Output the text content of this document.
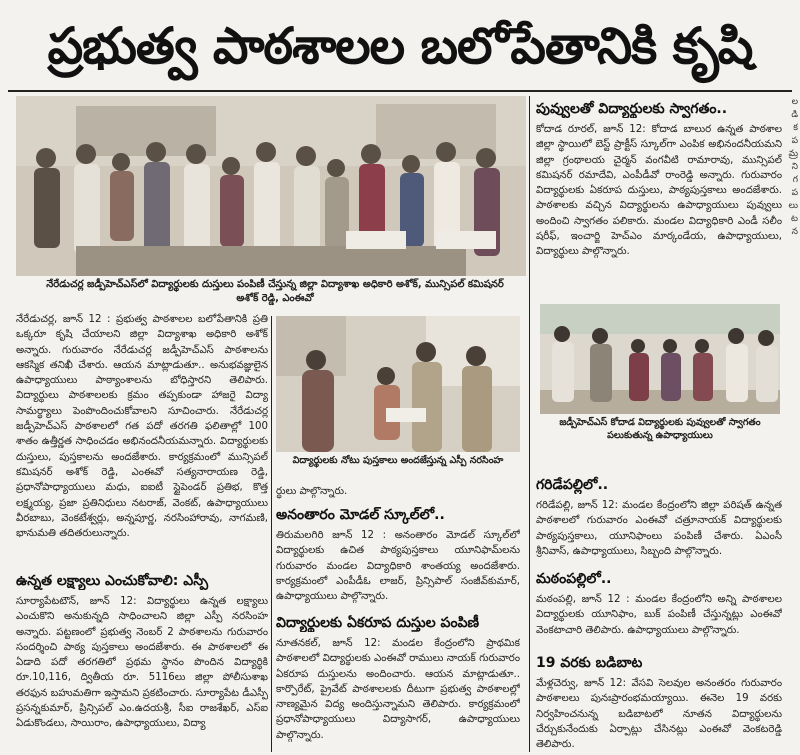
ప్రభుత్వ పాఠశాలల బలోపేతానికి కృషి
నేరేడుచర్ల జడ్పీహెచ్‌ఎస్‌లో విద్యార్థులకు దుస్తులు పంపిణీ చేస్తున్న జిల్లా విద్యాశాఖ అధికారి అశోక్, మున్సిపల్ కమిషనర్ అశోక్ రెడ్డి, ఎంఈవో
నేరేడుచర్ల, జూన్ 12 : ప్రభుత్వ పాఠశాలల బలోపేతానికి ప్రతి ఒక్కరూ కృషి చేయాలని జిల్లా విద్యాశాఖ అధికారి అశోక్ అన్నారు. గురువారం నేరేడుచర్ల జడ్పీహెచ్‌ఎస్ పాఠశాలను ఆకస్మిక తనిఖీ చేశారు. ఆయన మాట్లాడుతూ.. అనుభవజ్ఞులైన ఉపాధ్యాయులు పాఠ్యాంశాలను బోధిస్తారని తెలిపారు. విద్యార్థులు పాఠశాలలకు క్రమం తప్పకుండా హాజరై విద్యా సామర్థ్యాలు పెంపొందించుకోవాలని సూచించారు. నేరేడుచర్ల జడ్పీహెచ్‌ఎస్ పాఠశాలలో గత పదో తరగతి ఫలితాల్లో 100 శాతం ఉత్తీర్ణత సాధించడం అభినందనీయమన్నారు. విద్యార్థులకు దుస్తులు, పుస్తకాలను అందజేశారు. కార్యక్రమంలో మున్సిపల్ కమిషనర్ అశోక్ రెడ్డి, ఎంఈవో సత్యనారాయణ రెడ్డి, ప్రధానోపాధ్యాయులు మధు, ఐఐటీ స్టైపెండర్ ప్రతిభ, కొత్త లక్ష్మయ్య, ప్రజా ప్రతినిధులు నటరాజ్, వెంకట్, ఉపాధ్యాయులు వీరబాబు, వెంకటేశ్వర్లు, అన్నపూర్ణ, నరసింహారావు, నాగమణి, భానుమతి తదితరులున్నారు.
ఉన్నత లక్ష్యాలు ఎంచుకోవాలి: ఎస్పీ
సూర్యాపేటటౌన్, జూన్ 12: విద్యార్థులు ఉన్నత లక్ష్యాలు ఎంచుకొని అనుకున్నది సాధించాలని జిల్లా ఎస్పీ నరసింహ అన్నారు. పట్టణంలో ప్రభుత్వ నెంబర్ 2 పాఠశాలను గురువారం సందర్శించి పాఠ్య పుస్తకాలు అందజేశారు. ఈ పాఠశాలలో ఈ ఏడాది పదో తరగతిలో ప్రథమ స్థానం పొందిన విద్యార్థికి రూ.10,116, ద్వితీయ రూ. 5116లు జిల్లా పోలీసుశాఖ తరఫున బహుమతిగా ఇస్తామని ప్రకటించారు. సూర్యాపేట డీఎస్పీ ప్రసన్నకుమార్, ప్రిన్సిపల్ ఎం.ఉదయశ్రీ, సీఐ రాజశేఖర్, ఎస్‌ఐ ఏడుకొండలు, సాయిరాం, ఉపాధ్యాయులు, విద్యా
విద్యార్థులకు నోటు పుస్తకాలు అందజేస్తున్న ఎస్పీ నరసింహ
ర్థులు పాల్గొన్నారు.
అనంతారం మోడల్ స్కూల్‌లో..
తిరుమలగిరి జూన్ 12 : అనంతారం మోడల్ స్కూల్‌లో విద్యార్థులకు ఉచిత పాఠ్యపుస్తకాలు యూనిఫామ్‌లను గురువారం మండల విద్యాధికారి శాంతయ్య అందజేశారు. కార్యక్రమంలో ఎంపీడీఓ లాజర్, ప్రిన్సిపాల్ సంజీవ్‌కుమార్, ఉపాధ్యాయులు పాల్గొన్నారు.
విద్యార్థులకు ఏకరూప దుస్తుల పంపిణీ
నూతనకల్, జూన్ 12: మండల కేంద్రంలోని ప్రాథమిక పాఠశాలలో విద్యార్థులకు ఎంఈవో రాములు నాయక్ గురువారం ఏకరూప దుస్తులను అందించారు. ఆయన మాట్లాడుతూ.. కార్పొరేట్, ప్రైవేట్ పాఠశాలలకు దీటుగా ప్రభుత్వ పాఠశాలల్లో నాణ్యమైన విద్య అందిస్తున్నామని తెలిపారు. కార్యక్రమంలో ప్రధానోపాధ్యాయులు విద్యాసాగర్, ఉపాధ్యాయులు పాల్గొన్నారు.
పువ్వులతో విద్యార్థులకు స్వాగతం..
కోదాడ రూరల్, జూన్ 12: కోదాడ బాలుర ఉన్నత పాఠశాల జిల్లా స్థాయిలో బెస్ట్ ప్రాక్టీస్ స్కూల్‌గా ఎంపిక అభినందనీయమని జిల్లా గ్రంథాలయ చైర్మన్ వంగవీటి రామారావు, మున్సిపల్ కమిషనర్ రమాదేవి, ఎంపీడీవో రాంరెడ్డి అన్నారు. గురువారం విద్యార్థులకు ఏకరూప దుస్తులు, పాఠ్యపుస్తకాలు అందజేశారు. పాఠశాలకు వచ్చిన విద్యార్థులను ఉపాధ్యాయులు పువ్వులు అందించి స్వాగతం పలికారు. మండల విద్యాధికారి ఎండీ సలీం షరీఫ్, ఇంచార్జి హెచ్ఎం మార్కండేయ, ఉపాధ్యాయులు, విద్యార్థులు పాల్గొన్నారు.
జడ్పీహెచ్‌ఎస్ కోదాడ విద్యార్థులకు పువ్వులతో స్వాగతం పలుకుతున్న ఉపాధ్యాయులు
గరిడేపల్లిలో..
గరిడేపల్లి, జూన్ 12: మండల కేంద్రంలోని జిల్లా పరిషత్ ఉన్నత పాఠశాలలో గురువారం ఎంఈవో చత్రూనాయక్ విద్యార్థులకు పాఠ్యపుస్తకాలు, యూనిఫాంలు పంపిణీ చేశారు. ఏఎంసీ శ్రీనివాస్, ఉపాధ్యాయులు, సిబ్బంది పాల్గొన్నారు.
మఠంపల్లిలో..
మఠంపల్లి, జూన్ 12 : మండల కేంద్రంలోని అన్ని పాఠశాలల విద్యార్థులకు యూనిఫాం, బుక్ పంపిణీ చేస్తున్నట్లు ఎంఈవో వెంకటాచారి తెలిపారు. ఉపాధ్యాయులు పాల్గొన్నారు.
19 వరకు బడిబాట
మేళ్లచెర్వు, జూన్ 12: వేసవి సెలవుల అనంతరం గురువారం పాఠశాలలు పునఃప్రారంభమయ్యాయి. ఈనెల 19 వరకు నిర్వహించనున్న బడిబాటలో నూతన విద్యార్థులను చేర్చుకునేందుకు ఏర్పాట్లు చేసినట్లు ఎంఈవో వెంకటరెడ్డి తెలిపారు.
ల డి క ప మ్ర ని గ ప లు ట న
